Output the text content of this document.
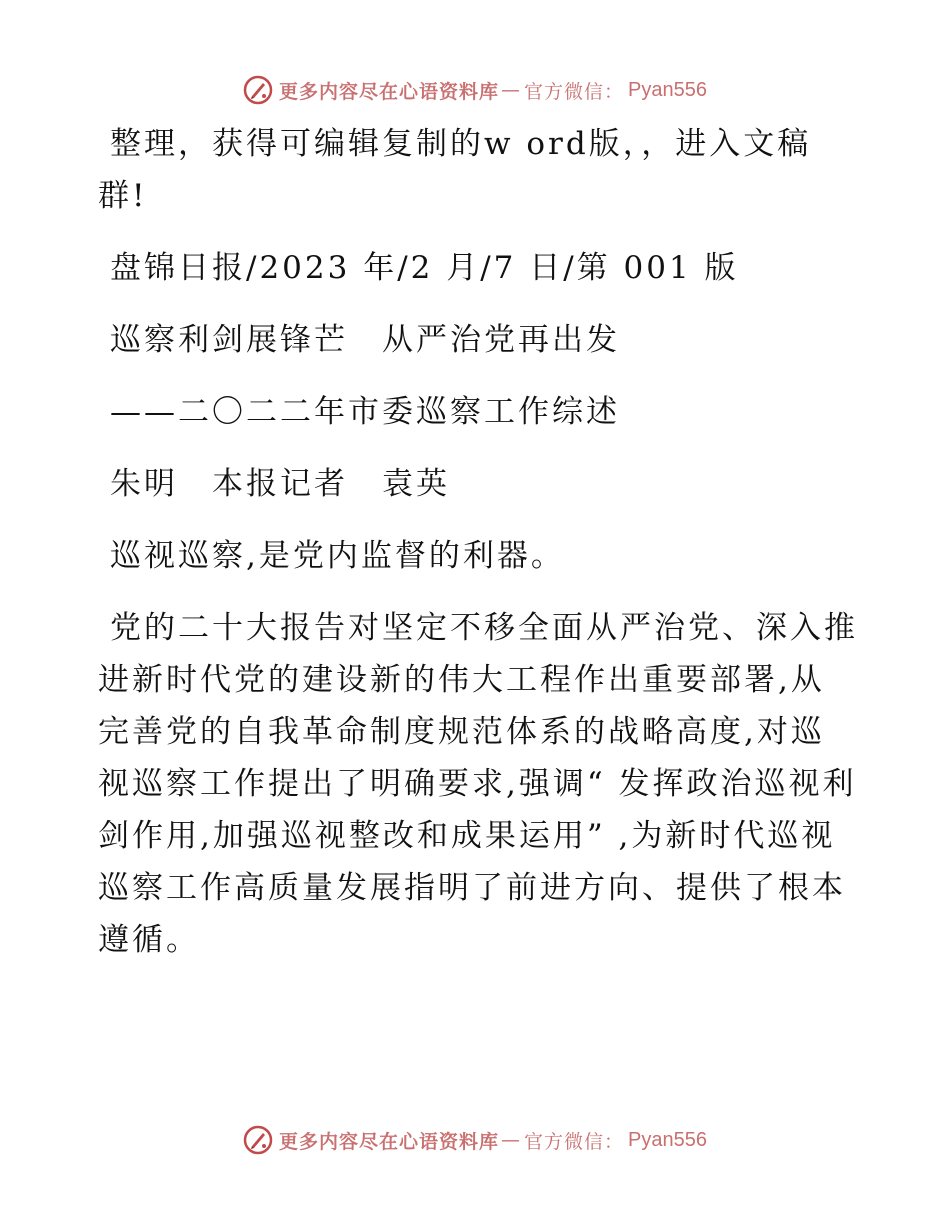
更多内容尽在心语资料库 — 官方微信： Pyan556

整理，获得可编辑复制的w ord版，，进入文稿群!

盘锦日报/2023 年/2 月/7 日/第 001 版

巡察利剑展锋芒　从严治党再出发

——二〇二二年市委巡察工作综述

朱明　本报记者　袁英

巡视巡察,是党内监督的利器。

党的二十大报告对坚定不移全面从严治党、深入推进新时代党的建设新的伟大工程作出重要部署,从完善党的自我革命制度规范体系的战略高度,对巡视巡察工作提出了明确要求,强调“ 发挥政治巡视利剑作用,加强巡视整改和成果运用” ,为新时代巡视巡察工作高质量发展指明了前进方向、提供了根本遵循。

更多内容尽在心语资料库 — 官方微信： Pyan556
